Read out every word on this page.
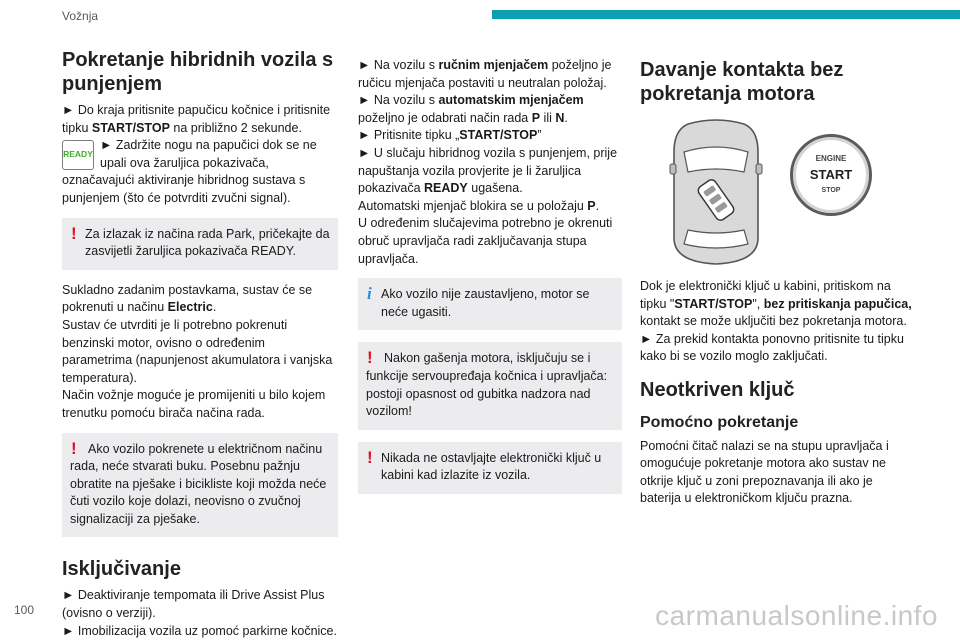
Vožnja
Pokretanje hibridnih vozila s punjenjem

► Do kraja pritisnite papučicu kočnice i pritisnite tipku START/STOP na približno 2 sekunde.

READY
► Zadržite nogu na papučici dok se ne upali ova žaruljica pokazivača, označavajući aktiviranje hibridnog sustava s punjenjem (što će potvrditi zvučni signal).

! Za izlazak iz načina rada Park, pričekajte da zasvijetli žaruljica pokazivača READY.

Sukladno zadanim postavkama, sustav će se pokrenuti u načinu Electric.

Sustav će utvrditi je li potrebno pokrenuti benzinski motor, ovisno o određenim parametrima (napunjenost akumulatora i vanjska temperatura).

Način vožnje moguće je promijeniti u bilo kojem trenutku pomoću birača načina rada.

! Ako vozilo pokrenete u električnom načinu rada, neće stvarati buku. Posebnu pažnju obratite na pješake i bicikliste koji možda neće čuti vozilo koje dolazi, neovisno o zvučnoj signalizaciji za pješake.
Isključivanje

► Deaktiviranje tempomata ili Drive Assist Plus (ovisno o verziji).

► Imobilizacija vozila uz pomoć parkirne kočnice.

► Na vozilu s ručnim mjenjačem poželjno je ručicu mjenjača postaviti u neutralan položaj.

► Na vozilu s automatskim mjenjačem poželjno je odabrati način rada P ili N.

► Pritisnite tipku „START/STOP”

► U slučaju hibridnog vozila s punjenjem, prije napuštanja vozila provjerite je li žaruljica pokazivača READY ugašena.

Automatski mjenjač blokira se u položaju P.

U određenim slučajevima potrebno je okrenuti obruč upravljača radi zaključavanja stupa upravljača.

i Ako vozilo nije zaustavljeno, motor se neće ugasiti.
! Nakon gašenja motora, isključuju se i funkcije servoupređaja kočnica i upravljača: postoji opasnost od gubitka nadzora nad vozilom!
! Nikada ne ostavljajte elektronički ključ u kabini kad izlazite iz vozila.
Davanje kontakta bez pokretanja motora
ENGINE
START
STOP

Dok je elektronički ključ u kabini, pritiskom na tipku "START/STOP", bez pritiskanja papučica, kontakt se može uključiti bez pokretanja motora.

► Za prekid kontakta ponovno pritisnite tu tipku kako bi se vozilo moglo zaključati.

Neotkriven ključ
Pomoćno pokretanje

Pomoćni čitač nalazi se na stupu upravljača i omogućuje pokretanje motora ako sustav ne otkrije ključ u zoni prepoznavanja ili ako je baterija u elektroničkom ključu prazna.

100	carmanualsonline.info
